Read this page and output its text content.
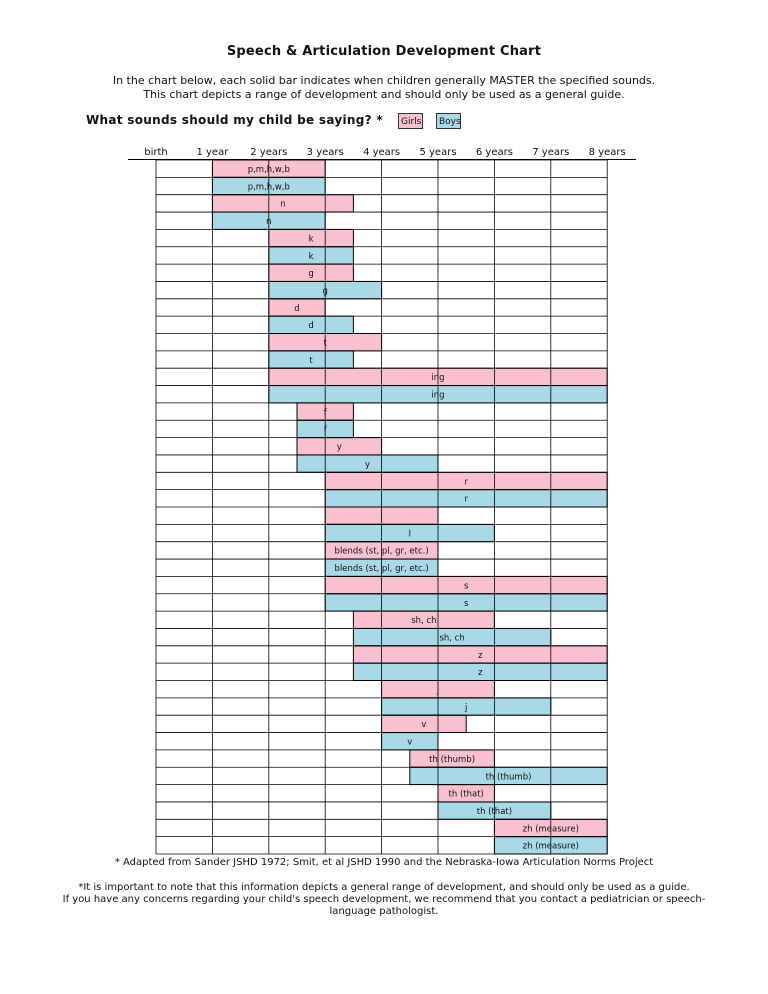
Speech & Articulation Development Chart
In the chart below, each solid bar indicates when children generally MASTER the specified sounds.
This chart depicts a range of development and should only be used as a general guide.
What sounds should my child be saying? *	Girls	Boys
birth	1 year 2 years 3 years 4 years 5 years 6 years 7 years 8 years
p,m,h,w,b
p,m,h,w,b
n
n
k
k
g
g
d
d
t
t
ing
ing
f
f
y
y
r
r
l
l
blends (st, pl, gr, etc.)
blends (st, pl, gr, etc.)
s
s
sh, ch
sh, ch
z
z
j
j
v
v
th (thumb)
th (thumb)
th (that)
th (that)
zh (measure)
zh (measure)
* Adapted from Sander JSHD 1972; Smit, et al JSHD 1990 and the Nebraska-Iowa Articulation Norms Project
*It is important to note that this information depicts a general range of development, and should only be used as a guide.
If you have any concerns regarding your child's speech development, we recommend that you contact a pediatrician or speech-language pathologist.
